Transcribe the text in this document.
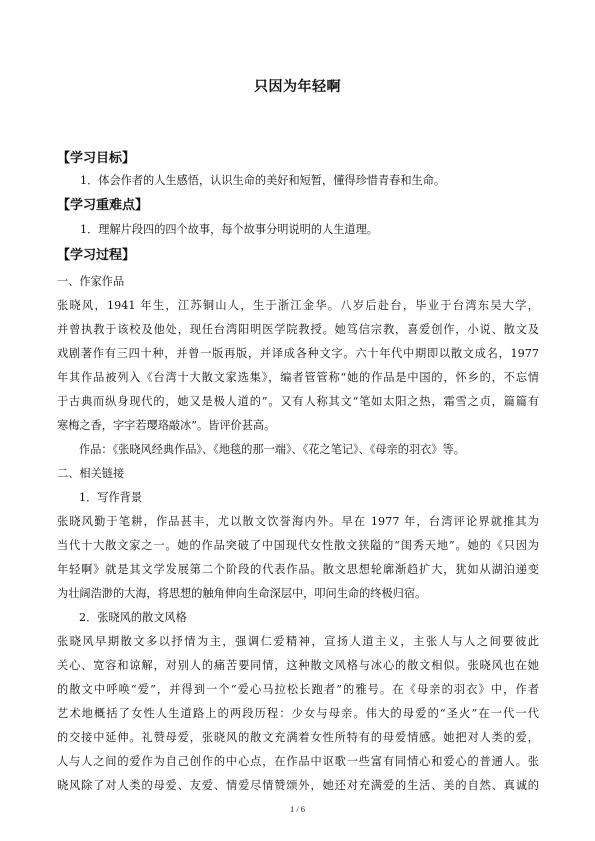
只因为年轻啊
【学习目标】
1．体会作者的人生感悟，认识生命的美好和短暂，懂得珍惜青春和生命。
【学习重难点】
1．理解片段四的四个故事，每个故事分明说明的人生道理。
【学习过程】
一、作家作品
张晓风，1941 年生，江苏铜山人，生于浙江金华。八岁后赴台，毕业于台湾东吴大学，
并曾执教于该校及他处，现任台湾阳明医学院教授。她笃信宗教，喜爱创作，小说、散文及
戏剧著作有三四十种，并曾一版再版，并译成各种文字。六十年代中期即以散文成名，1977
年其作品被列入《台湾十大散文家选集》，编者管管称“她的作品是中国的，怀乡的，不忘情
于古典而纵身现代的，她又是极人道的”。又有人称其文“笔如太阳之热，霜雪之贞，篇篇有
寒梅之香，字字若璎珞敲冰”。皆评价甚高。
作品：《张晓风经典作品》、《地毯的那一端》、《花之笔记》、《母亲的羽衣》等。
二、相关链接
1．写作背景
张晓风勤于笔耕，作品甚丰，尤以散文饮誉海内外。早在 1977 年，台湾评论界就推其为
当代十大散文家之一。她的作品突破了中国现代女性散文狭隘的“闺秀天地”。她的《只因为
年轻啊》就是其文学发展第二个阶段的代表作品。散文思想轮廓渐趋扩大，犹如从湖泊递变
为壮阔浩渺的大海，将思想的触角伸向生命深层中，叩问生命的终极归宿。
2．张晓风的散文风格
张晓风早期散文多以抒情为主，强调仁爱精神，宣扬人道主义，主张人与人之间要彼此
关心、宽容和谅解，对别人的痛苦要同情，这种散文风格与冰心的散文相似。张晓风也在她
的散文中呼唤“爱”，并得到一个“爱心马拉松长跑者”的雅号。在《母亲的羽衣》中，作者
艺术地概括了女性人生道路上的两段历程：少女与母亲。伟大的母爱的“圣火”在一代一代
的交接中延伸。礼赞母爱，张晓风的散文充满着女性所特有的母爱情感。她把对人类的爱，
人与人之间的爱作为自己创作的中心点，在作品中讴歌一些富有同情心和爱心的普通人。张
晓风除了对人类的母爱、友爱、情爱尽情赞颂外，她还对充满爱的生活、美的自然、真诚的
1 / 6
